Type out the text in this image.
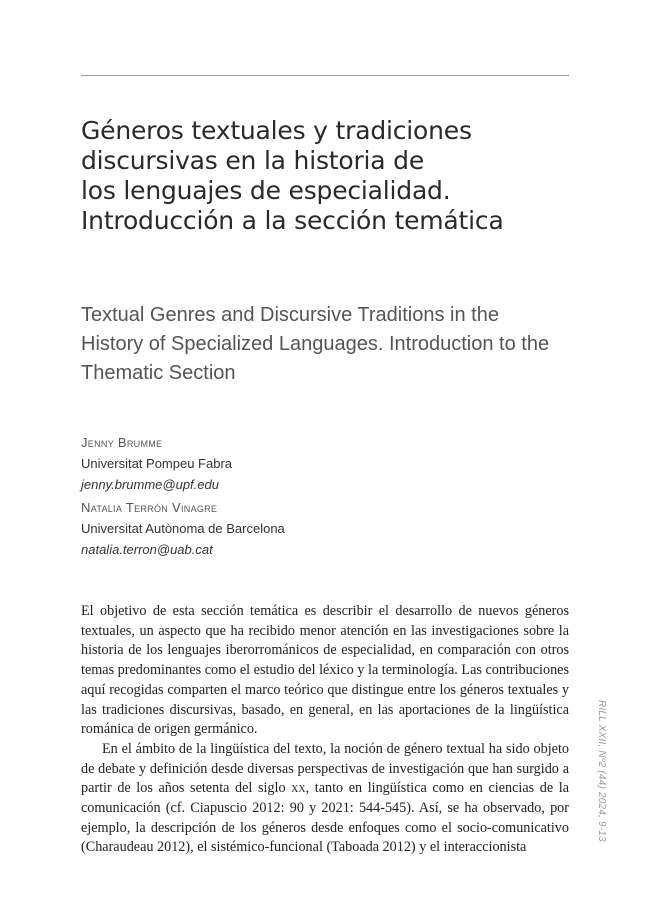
Géneros textuales y tradiciones
discursivas en la historia de
los lenguajes de especialidad.
Introducción a la sección temática
Textual Genres and Discursive Traditions in the
History of Specialized Languages. Introduction to the
Thematic Section
Jenny Brumme
Universitat Pompeu Fabra
jenny.brumme@upf.edu
Natalia Terrón Vinagre
Universitat Autònoma de Barcelona
natalia.terron@uab.cat

El objetivo de esta sección temática es describir el desarrollo de nuevos géneros textuales, un aspecto que ha recibido menor atención en las investigaciones sobre la historia de los lenguajes iberorrománicos de especialidad, en comparación con otros temas predominantes como el estudio del léxico y la terminología. Las contribuciones aquí recogidas comparten el marco teórico que distingue entre los géneros textuales y las tradiciones discursivas, basado, en general, en las aportaciones de la lingüística románica de origen germánico.

En el ámbito de la lingüística del texto, la noción de género textual ha sido objeto de debate y definición desde diversas perspectivas de investigación que han surgido a partir de los años setenta del siglo xx, tanto en lingüística como en ciencias de la comunicación (cf. Ciapuscio 2012: 90 y 2021: 544-545). Así, se ha observado, por ejemplo, la descripción de los géneros desde enfoques como el socio-comunicativo (Charaudeau 2012), el sistémico-funcional (Taboada 2012) y el interaccionista

RILL XXII, Nº2 (44) 2024, 9-13
